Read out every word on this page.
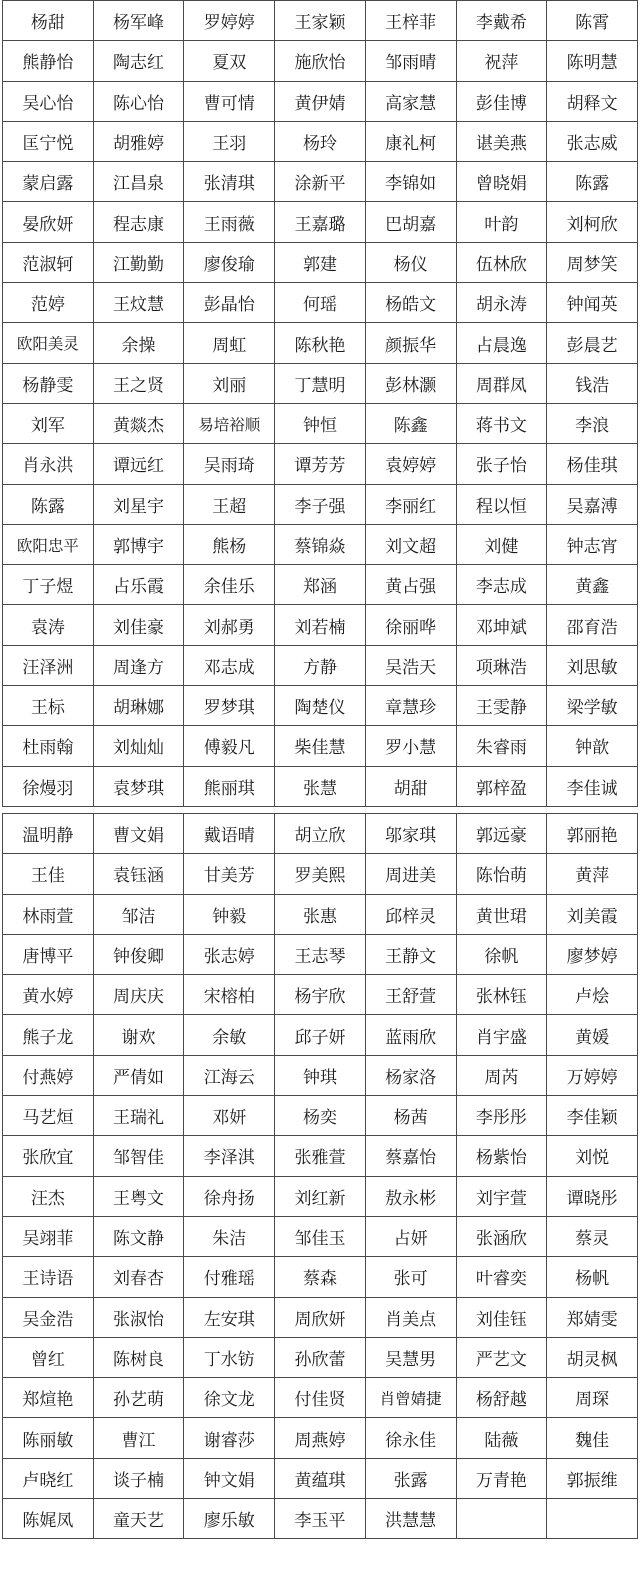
杨甜	杨军峰	罗婷婷	王家颖	王梓菲	李戴希	陈霄
熊静怡	陶志红	夏双	施欣怡	邹雨晴	祝萍	陈明慧
吴心怡	陈心怡	曹可情	黄伊婧	高家慧	彭佳博	胡释文
匡宁悦	胡雅婷	王羽	杨玲	康礼柯	谌美燕	张志威
蒙启露	江昌泉	张清琪	涂新平	李锦如	曾晓娟	陈露
晏欣妍	程志康	王雨薇	王嘉璐	巴胡嘉	叶韵	刘柯欣
范淑轲	江勤勤	廖俊瑜	郭建	杨仪	伍林欣	周梦笑
范婷	王炆慧	彭晶怡	何瑶	杨皓文	胡永涛	钟闻英
欧阳美灵	余操	周虹	陈秋艳	颜振华	占晨逸	彭晨艺
杨静雯	王之贤	刘丽	丁慧明	彭林灏	周群凤	钱浩
刘军	黄燚杰	易培裕顺	钟恒	陈鑫	蒋书文	李浪
肖永洪	谭远红	吴雨琦	谭芳芳	袁婷婷	张子怡	杨佳琪
陈露	刘星宇	王超	李子强	李丽红	程以恒	吴嘉溥
欧阳忠平	郭博宇	熊杨	蔡锦焱	刘文超	刘健	钟志宵
丁子煜	占乐霞	余佳乐	郑涵	黄占强	李志成	黄鑫
袁涛	刘佳豪	刘郝勇	刘若楠	徐丽哗	邓坤斌	邵育浩
汪泽洲	周逢方	邓志成	方静	吴浩天	项琳浩	刘思敏
王标	胡琳娜	罗梦琪	陶楚仪	章慧珍	王雯静	梁学敏
杜雨翰	刘灿灿	傅毅凡	柴佳慧	罗小慧	朱睿雨	钟歆
徐熳羽	袁梦琪	熊丽琪	张慧	胡甜	郭梓盈	李佳诚
温明静	曹文娟	戴语晴	胡立欣	邬家琪	郭远豪	郭丽艳
王佳	袁钰涵	甘美芳	罗美熙	周进美	陈怡萌	黄萍
林雨萱	邹洁	钟毅	张惠	邱梓灵	黄世珺	刘美霞
唐博平	钟俊卿	张志婷	王志琴	王静文	徐帆	廖梦婷
黄水婷	周庆庆	宋榕柏	杨宇欣	王舒萱	张林钰	卢烩
熊子龙	谢欢	余敏	邱子妍	蓝雨欣	肖宇盛	黄媛
付燕婷	严倩如	江海云	钟琪	杨家洛	周芮	万婷婷
马艺烜	王瑞礼	邓妍	杨奕	杨茜	李彤彤	李佳颖
张欣宜	邹智佳	李泽淇	张雅萱	蔡嘉怡	杨紫怡	刘悦
汪杰	王粤文	徐舟扬	刘红新	敖永彬	刘宇萱	谭晓彤
吴翊菲	陈文静	朱洁	邹佳玉	占妍	张涵欣	蔡灵
王诗语	刘春杏	付雅瑶	蔡森	张可	叶睿奕	杨帆
吴金浩	张淑怡	左安琪	周欣妍	肖美点	刘佳钰	郑婧雯
曾红	陈树良	丁水钫	孙欣蕾	吴慧男	严艺文	胡灵枫
郑煊艳	孙艺萌	徐文龙	付佳贤	肖曾婧捷	杨舒越	周琛
陈丽敏	曹江	谢睿莎	周燕婷	徐永佳	陆薇	魏佳
卢晓红	谈子楠	钟文娟	黄蕴琪	张露	万青艳	郭振维
陈娓凤	童天艺	廖乐敏	李玉平	洪慧慧		
